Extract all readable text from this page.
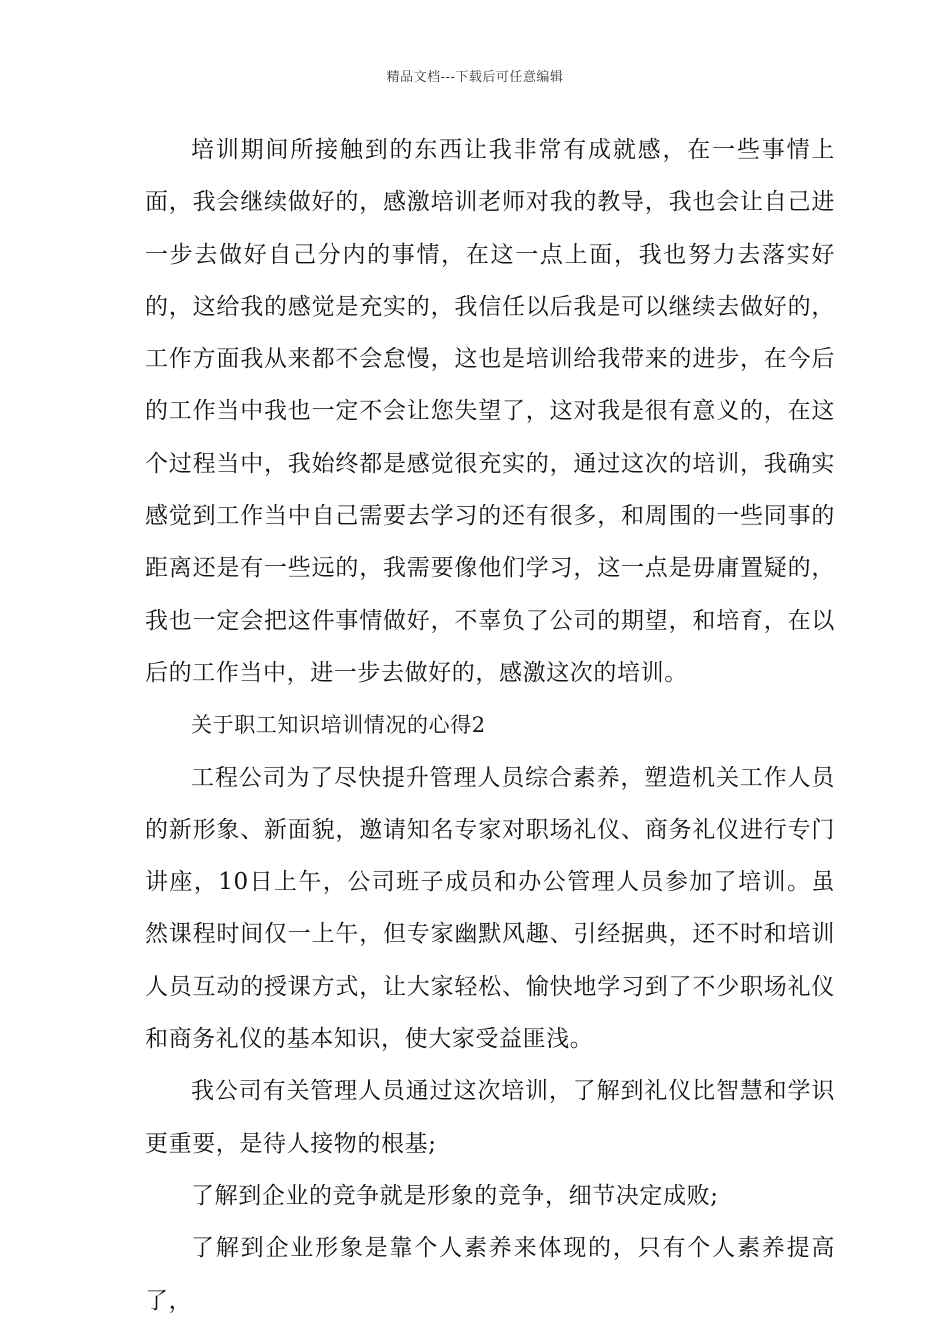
精品文档---下载后可任意编辑

培训期间所接触到的东西让我非常有成就感，在一些事情上面，我会继续做好的，感激培训老师对我的教导，我也会让自己进一步去做好自己分内的事情，在这一点上面，我也努力去落实好的，这给我的感觉是充实的，我信任以后我是可以继续去做好的，工作方面我从来都不会怠慢，这也是培训给我带来的进步，在今后的工作当中我也一定不会让您失望了，这对我是很有意义的，在这个过程当中，我始终都是感觉很充实的，通过这次的培训，我确实感觉到工作当中自己需要去学习的还有很多，和周围的一些同事的距离还是有一些远的，我需要像他们学习，这一点是毋庸置疑的，我也一定会把这件事情做好，不辜负了公司的期望，和培育，在以后的工作当中，进一步去做好的，感激这次的培训。

关于职工知识培训情况的心得2

工程公司为了尽快提升管理人员综合素养，塑造机关工作人员的新形象、新面貌，邀请知名专家对职场礼仪、商务礼仪进行专门讲座，10日上午，公司班子成员和办公管理人员参加了培训。虽然课程时间仅一上午，但专家幽默风趣、引经据典，还不时和培训人员互动的授课方式，让大家轻松、愉快地学习到了不少职场礼仪和商务礼仪的基本知识，使大家受益匪浅。

我公司有关管理人员通过这次培训，了解到礼仪比智慧和学识更重要，是待人接物的根基;

了解到企业的竞争就是形象的竞争，细节决定成败;

了解到企业形象是靠个人素养来体现的，只有个人素养提高了，
